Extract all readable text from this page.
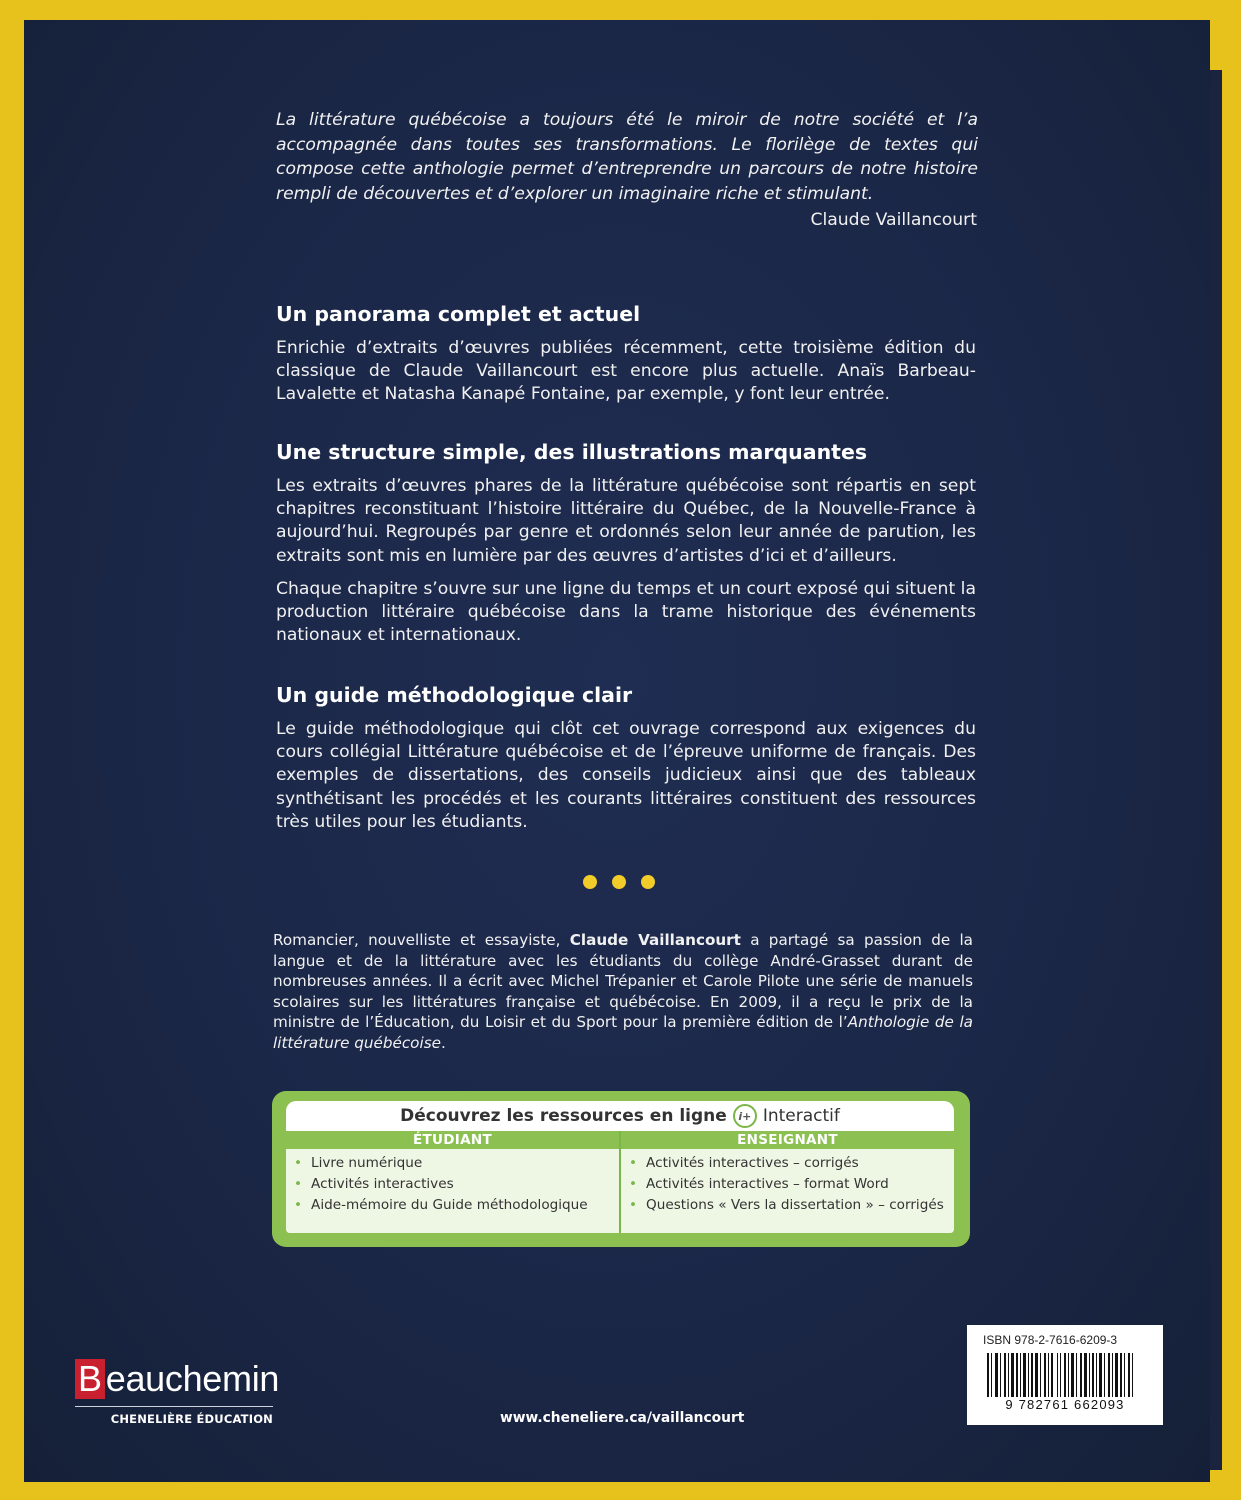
La littérature québécoise a toujours été le miroir de notre société et l’a accompagnée dans toutes ses transformations. Le florilège de textes qui compose cette anthologie permet d’entreprendre un parcours de notre histoire rempli de découvertes et d’explorer un imaginaire riche et stimulant.
Claude Vaillancourt
Un panorama complet et actuel

Enrichie d’extraits d’œuvres publiées récemment, cette troisième édition du classique de Claude Vaillancourt est encore plus actuelle. Anaïs Barbeau-Lavalette et Natasha Kanapé Fontaine, par exemple, y font leur entrée.

Une structure simple, des illustrations marquantes

Les extraits d’œuvres phares de la littérature québécoise sont répartis en sept chapitres reconstituant l’histoire littéraire du Québec, de la Nouvelle-France à aujourd’hui. Regroupés par genre et ordonnés selon leur année de parution, les extraits sont mis en lumière par des œuvres d’artistes d’ici et d’ailleurs.

Chaque chapitre s’ouvre sur une ligne du temps et un court exposé qui situent la production littéraire québécoise dans la trame historique des événements nationaux et internationaux.

Un guide méthodologique clair

Le guide méthodologique qui clôt cet ouvrage correspond aux exigences du cours collégial Littérature québécoise et de l’épreuve uniforme de français. Des exemples de dissertations, des conseils judicieux ainsi que des tableaux synthétisant les procédés et les courants littéraires constituent des ressources très utiles pour les étudiants.

Romancier, nouvelliste et essayiste, Claude Vaillancourt a partagé sa passion de la langue et de la littérature avec les étudiants du collège André-Grasset durant de nombreuses années. Il a écrit avec Michel Trépanier et Carole Pilote une série de manuels scolaires sur les littératures française et québécoise. En 2009, il a reçu le prix de la ministre de l’Éducation, du Loisir et du Sport pour la première édition de l’Anthologie de la littérature québécoise.
Découvrez les ressources en ligne	i+ Interactif
ÉTUDIANT
• Livre numérique
• Activités interactives
• Aide-mémoire du Guide méthodologique
ENSEIGNANT
• Activités interactives – corrigés
• Activités interactives – format Word
• Questions « Vers la dissertation » – corrigés
B eauchemin
CHENELIÈRE ÉDUCATION	www.cheneliere.ca/vaillancourt
ISBN 978-2-7616-6209-3
9 782761 662093
